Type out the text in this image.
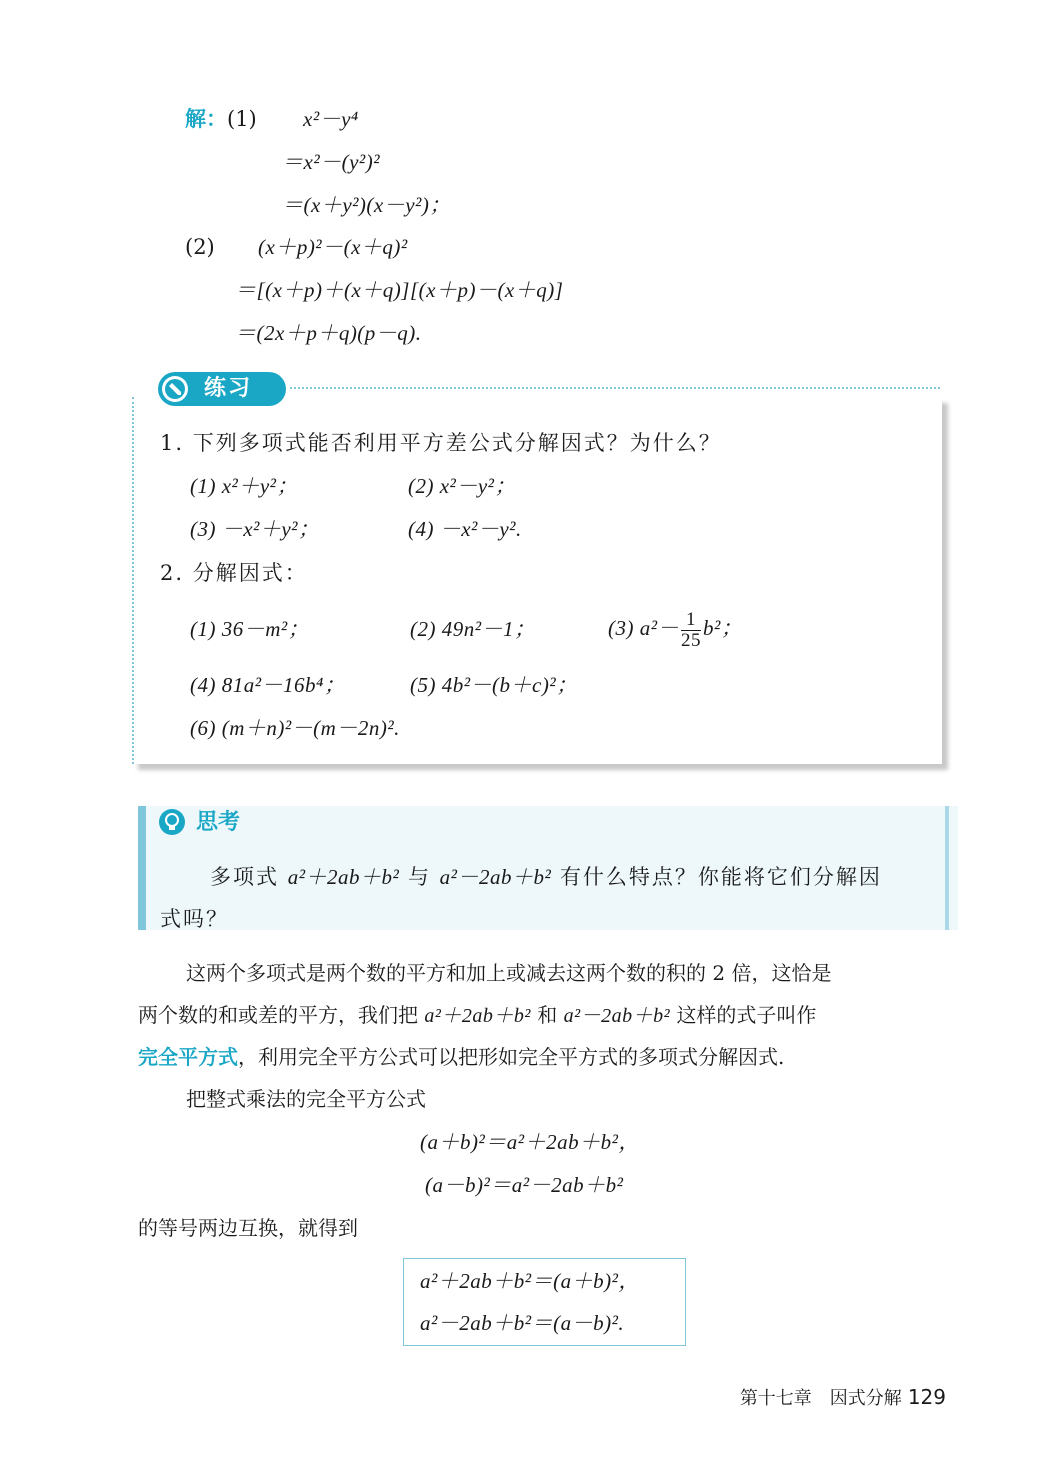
解：(1) x²－y⁴
＝x²－(y²)²
＝(x＋y²)(x－y²)；
(2) (x＋p)²－(x＋q)²
＝[(x＋p)＋(x＋q)][(x＋p)－(x＋q)]
＝(2x＋p＋q)(p－q).
练习
1. 下列多项式能否利用平方差公式分解因式？为什么？
(1) x²＋y²；	(2) x²－y²；
(3) －x²＋y²；	(4) －x²－y².
2. 分解因式：
(1) 36－m²；	(2) 49n²－1；	(3) $a^2- \frac{1}{25} b^2$；
(4) 81a²－16b⁴；	(5) 4b²－(b＋c)²；
(6) (m＋n)²－(m－2n)².
思考
多项式 a²＋2ab＋b² 与 a²－2ab＋b² 有什么特点？你能将它们分解因
式吗？
这两个多项式是两个数的平方和加上或减去这两个数的积的 2 倍，这恰是
两个数的和或差的平方，我们把 a²＋2ab＋b² 和 a²－2ab＋b² 这样的式子叫作
完全平方式，利用完全平方公式可以把形如完全平方式的多项式分解因式.
把整式乘法的完全平方公式
(a＋b)²＝a²＋2ab＋b²，
(a－b)²＝a²－2ab＋b²
的等号两边互换，就得到
a²＋2ab＋b²＝(a＋b)²，
a²－2ab＋b²＝(a－b)².
第十七章　因式分解 129
